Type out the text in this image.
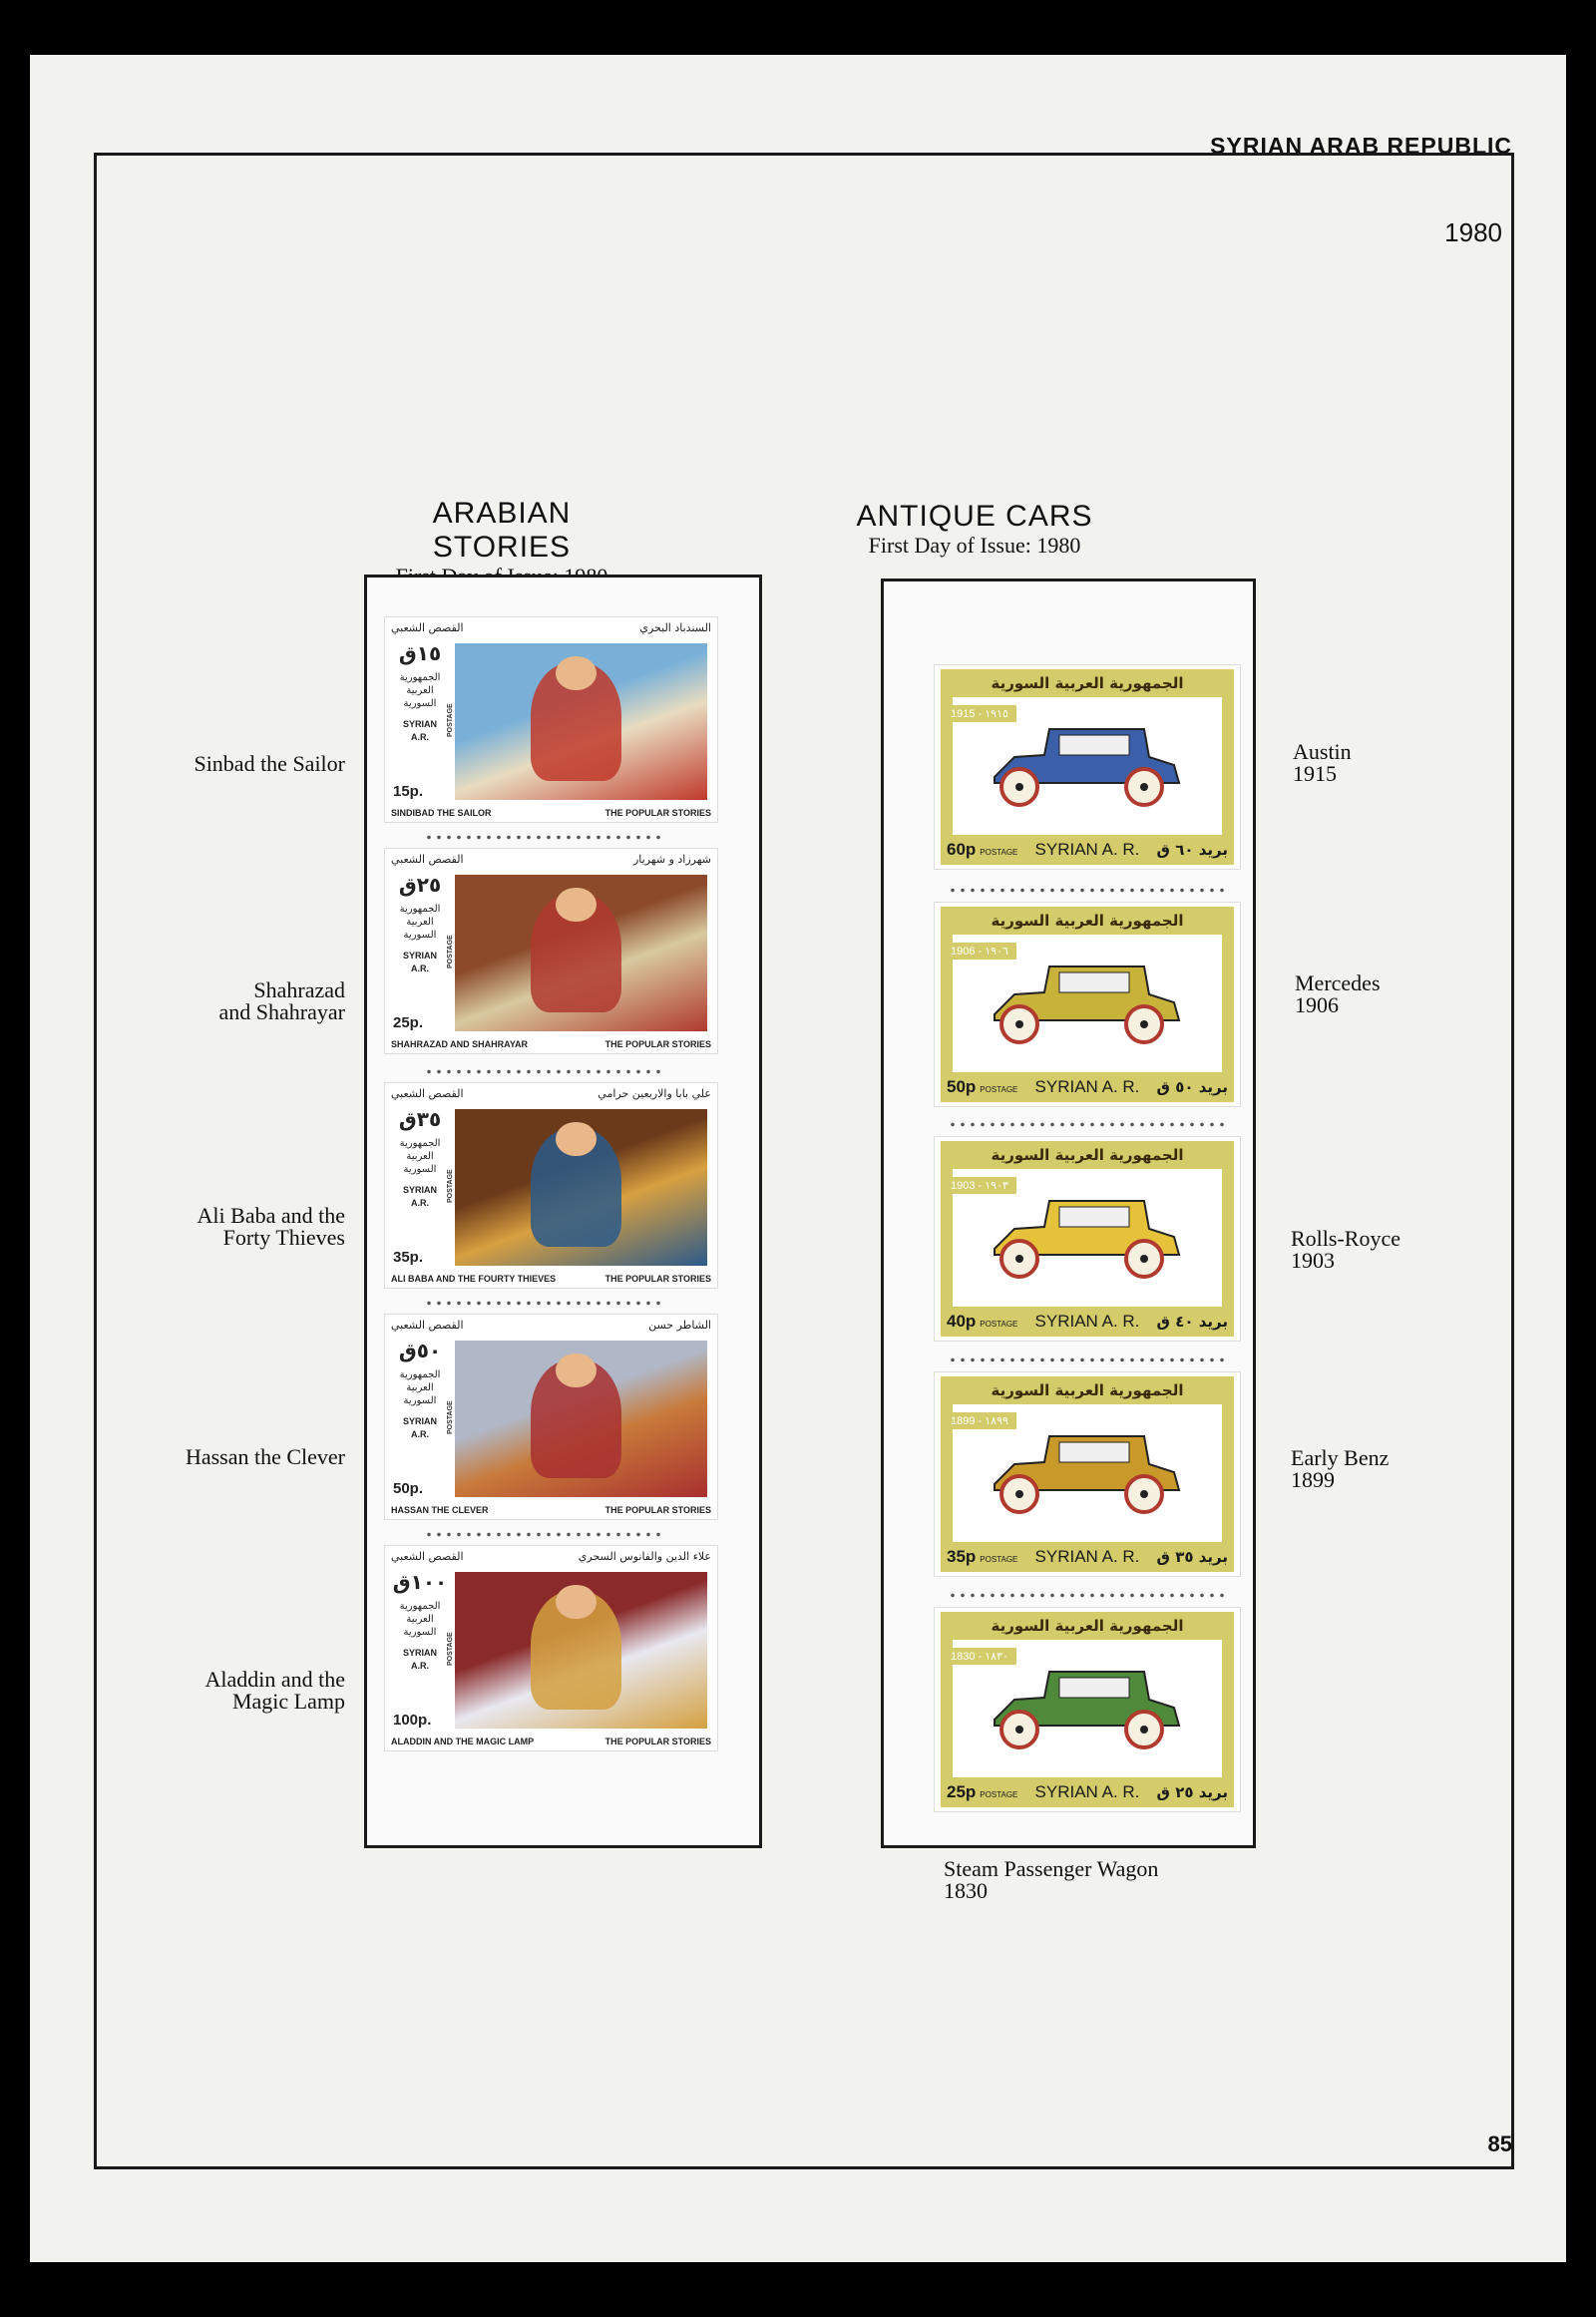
SYRIAN ARAB REPUBLIC
1980
85
ARABIAN STORIES
ANTIQUE CARS
First Day of Issue: 1980
القصص الشعبي	السندباد البحري
١٥ق
الجمهورية
العربية
السورية
SYRIAN
A.R.
15p.
POSTAGE
SINDIBAD THE SAILOR	THE POPULAR STORIES
Sinbad the Sailor
القصص الشعبي	شهرزاد و شهريار
٢٥ق
الجمهورية
العربية
السورية
SYRIAN
A.R.
25p.
POSTAGE
SHAHRAZAD AND SHAHRAYAR	THE POPULAR STORIES
Shahrazad
and Shahrayar
القصص الشعبي	علي بابا والاربعين حرامي
٣٥ق
الجمهورية
العربية
السورية
SYRIAN
A.R.
35p.
POSTAGE
ALI BABA AND THE FOURTY THIEVES	THE POPULAR STORIES
Ali Baba and the
Forty Thieves
القصص الشعبي	الشاطر حسن
٥٠ق
الجمهورية
العربية
السورية
SYRIAN
A.R.
50p.
POSTAGE
HASSAN THE CLEVER	THE POPULAR STORIES
Hassan the Clever
القصص الشعبي	علاء الدين والفانوس السحري
١٠٠ق
الجمهورية
العربية
السورية
SYRIAN
A.R.
100p.
POSTAGE
ALADDIN AND THE MAGIC LAMP	THE POPULAR STORIES
Aladdin and the
Magic Lamp
الجمهورية العربية السورية
1915 - ١٩١٥
60p POSTAGE SYRIAN A. R.	بريد ٦٠ ق
Austin
1915
الجمهورية العربية السورية
1906 - ١٩٠٦
50p POSTAGE SYRIAN A. R.	بريد ٥٠ ق
Mercedes
1906
الجمهورية العربية السورية
1903 - ١٩٠٣
40p POSTAGE SYRIAN A. R.	بريد ٤٠ ق
Rolls-Royce
1903
الجمهورية العربية السورية
1899 - ١٨٩٩
35p POSTAGE SYRIAN A. R.	بريد ٣٥ ق
Early Benz
1899
الجمهورية العربية السورية
1830 - ١٨٣٠
25p POSTAGE SYRIAN A. R.	بريد ٢٥ ق
Steam Passenger Wagon
1830
